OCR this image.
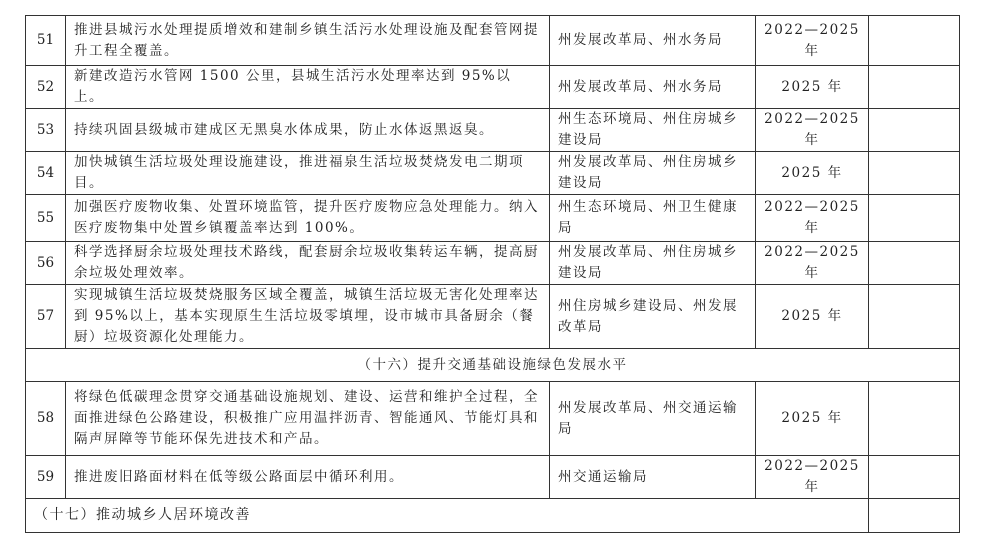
51	推进县城污水处理提质增效和建制乡镇生活污水处理设施及配套管网提升工程全覆盖。	州发展改革局、州水务局	2022—2025 年	
52	新建改造污水管网 1500 公里，县城生活污水处理率达到 95%以上。	州发展改革局、州水务局	2025 年	
53	持续巩固县级城市建成区无黑臭水体成果，防止水体返黑返臭。	州生态环境局、州住房城乡建设局	2022—2025 年	
54	加快城镇生活垃圾处理设施建设，推进福泉生活垃圾焚烧发电二期项目。	州发展改革局、州住房城乡建设局	2025 年	
55	加强医疗废物收集、处置环境监管，提升医疗废物应急处理能力。纳入医疗废物集中处置乡镇覆盖率达到 100%。	州生态环境局、州卫生健康局	2022—2025 年	
56	科学选择厨余垃圾处理技术路线，配套厨余垃圾收集转运车辆，提高厨余垃圾处理效率。	州发展改革局、州住房城乡建设局	2022—2025 年	
57	实现城镇生活垃圾焚烧服务区域全覆盖，城镇生活垃圾无害化处理率达到 95%以上，基本实现原生生活垃圾零填埋，设市城市具备厨余（餐厨）垃圾资源化处理能力。	州住房城乡建设局、州发展改革局	2025 年	
（十六）提升交通基础设施绿色发展水平				
58	将绿色低碳理念贯穿交通基础设施规划、建设、运营和维护全过程，全面推进绿色公路建设，积极推广应用温拌沥青、智能通风、节能灯具和隔声屏障等节能环保先进技术和产品。	州发展改革局、州交通运输局	2025 年	
59	推进废旧路面材料在低等级公路面层中循环利用。	州交通运输局	2022—2025 年	
（十七）推动城乡人居环境改善				
